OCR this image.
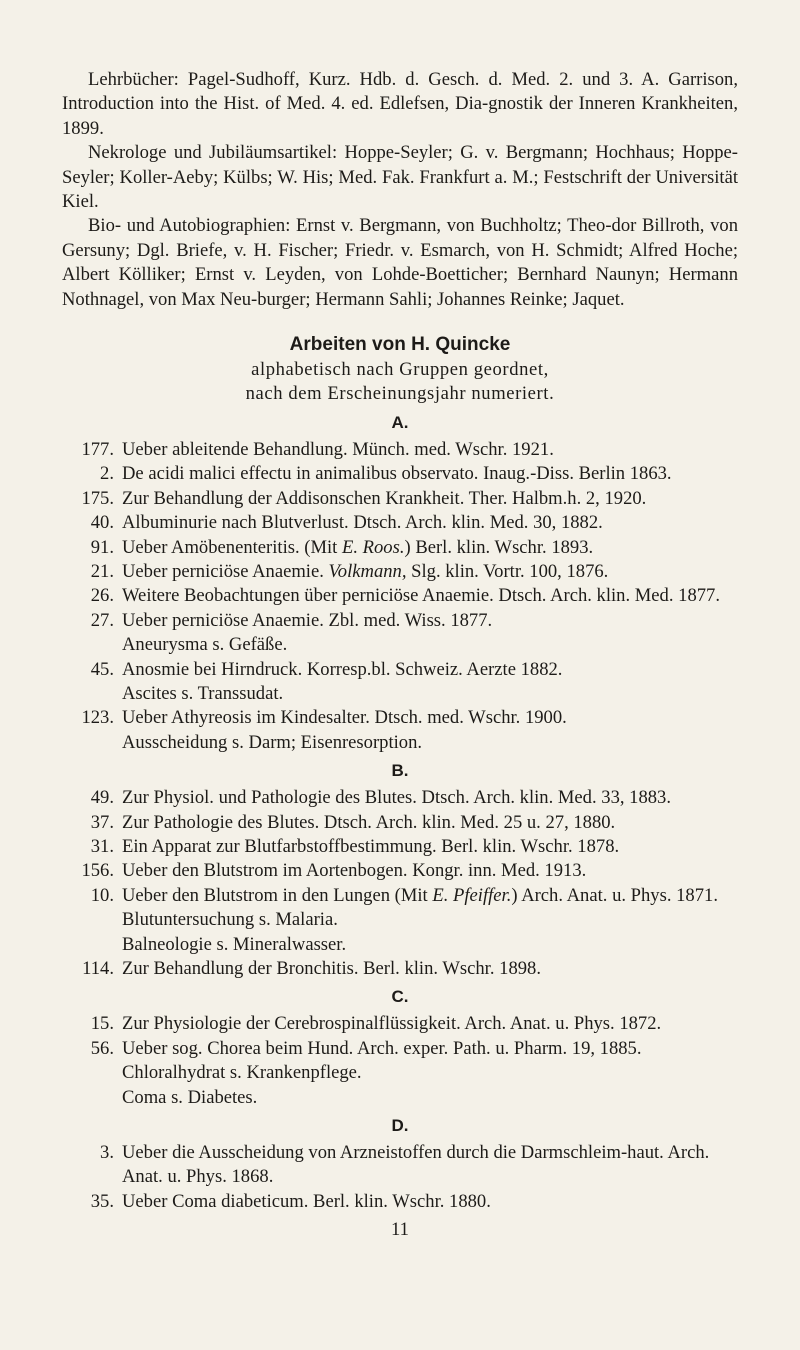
Lehrbücher: Pagel-Sudhoff, Kurz. Hdb. d. Gesch. d. Med. 2. und 3. A. Garrison, Introduction into the Hist. of Med. 4. ed. Edlefsen, Dia-gnostik der Inneren Krankheiten, 1899.

Nekrologe und Jubiläumsartikel: Hoppe-Seyler; G. v. Bergmann; Hochhaus; Hoppe-Seyler; Koller-Aeby; Külbs; W. His; Med. Fak. Frankfurt a. M.; Festschrift der Universität Kiel.

Bio- und Autobiographien: Ernst v. Bergmann, von Buchholtz; Theo-dor Billroth, von Gersuny; Dgl. Briefe, v. H. Fischer; Friedr. v. Esmarch, von H. Schmidt; Alfred Hoche; Albert Kölliker; Ernst v. Leyden, von Lohde-Boetticher; Bernhard Naunyn; Hermann Nothnagel, von Max Neu-burger; Hermann Sahli; Johannes Reinke; Jaquet.

Arbeiten von H. Quincke
alphabetisch nach Gruppen geordnet,
nach dem Erscheinungsjahr numeriert.
A.
177. Ueber ableitende Behandlung. Münch. med. Wschr. 1921.
2. De acidi malici effectu in animalibus observato. Inaug.-Diss. Berlin 1863.
175. Zur Behandlung der Addisonschen Krankheit. Ther. Halbm.h. 2, 1920.
40. Albuminurie nach Blutverlust. Dtsch. Arch. klin. Med. 30, 1882.
91. Ueber Amöbenenteritis. (Mit E. Roos.) Berl. klin. Wschr. 1893.
21. Ueber perniciöse Anaemie. Volkmann, Slg. klin. Vortr. 100, 1876.
26. Weitere Beobachtungen über perniciöse Anaemie. Dtsch. Arch. klin. Med. 1877.
27. Ueber perniciöse Anaemie. Zbl. med. Wiss. 1877.
Aneurysma s. Gefäße.
45. Anosmie bei Hirndruck. Korresp.bl. Schweiz. Aerzte 1882.
Ascites s. Transsudat.
123. Ueber Athyreosis im Kindesalter. Dtsch. med. Wschr. 1900.
Ausscheidung s. Darm; Eisenresorption.
B.
49. Zur Physiol. und Pathologie des Blutes. Dtsch. Arch. klin. Med. 33, 1883.
37. Zur Pathologie des Blutes. Dtsch. Arch. klin. Med. 25 u. 27, 1880.
31. Ein Apparat zur Blutfarbstoffbestimmung. Berl. klin. Wschr. 1878.
156. Ueber den Blutstrom im Aortenbogen. Kongr. inn. Med. 1913.
10. Ueber den Blutstrom in den Lungen (Mit E. Pfeiffer.) Arch. Anat. u. Phys. 1871.
Blutuntersuchung s. Malaria.
Balneologie s. Mineralwasser.
114. Zur Behandlung der Bronchitis. Berl. klin. Wschr. 1898.
C.
15. Zur Physiologie der Cerebrospinalflüssigkeit. Arch. Anat. u. Phys. 1872.
56. Ueber sog. Chorea beim Hund. Arch. exper. Path. u. Pharm. 19, 1885.
Chloralhydrat s. Krankenpflege.
Coma s. Diabetes.
D.
3. Ueber die Ausscheidung von Arzneistoffen durch die Darmschleim-haut. Arch. Anat. u. Phys. 1868.
35. Ueber Coma diabeticum. Berl. klin. Wschr. 1880.
11
